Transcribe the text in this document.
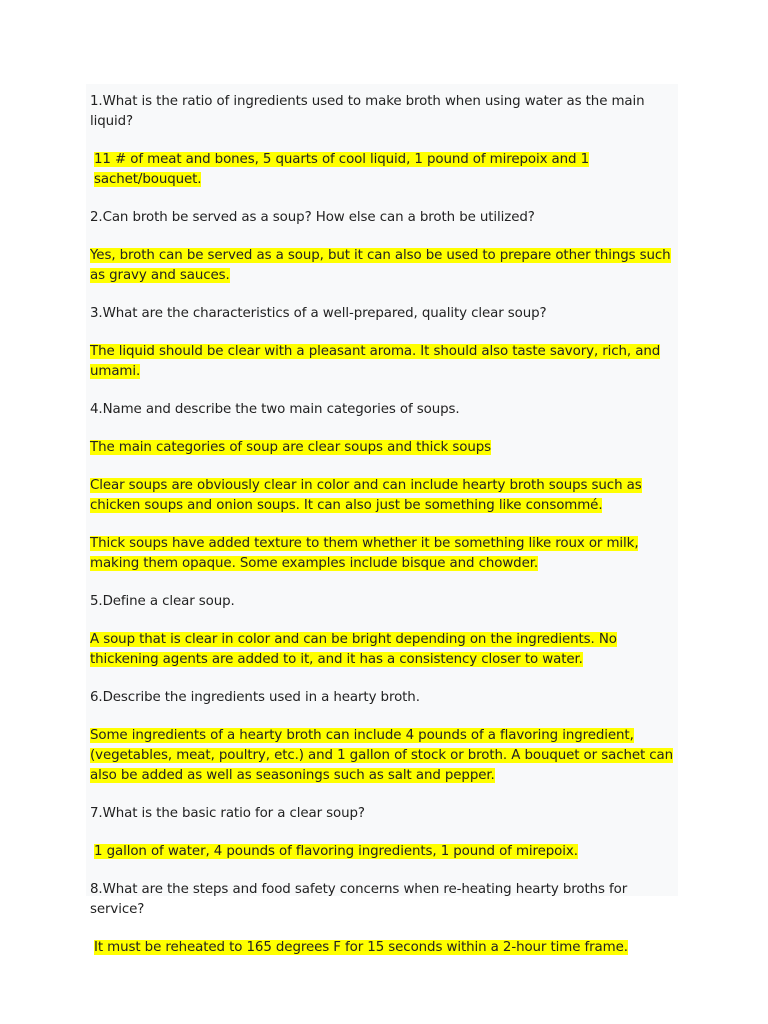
1.What is the ratio of ingredients used to make broth when using water as the main liquid?

11 # of meat and bones, 5 quarts of cool liquid, 1 pound of mirepoix and 1 sachet/bouquet.

2.Can broth be served as a soup? How else can a broth be utilized?

Yes, broth can be served as a soup, but it can also be used to prepare other things such as gravy and sauces.

3.What are the characteristics of a well-prepared, quality clear soup?

The liquid should be clear with a pleasant aroma. It should also taste savory, rich, and umami.

4.Name and describe the two main categories of soups.

The main categories of soup are clear soups and thick soups

Clear soups are obviously clear in color and can include hearty broth soups such as chicken soups and onion soups. It can also just be something like consommé.

Thick soups have added texture to them whether it be something like roux or milk, making them opaque. Some examples include bisque and chowder.

5.Define a clear soup.

A soup that is clear in color and can be bright depending on the ingredients. No thickening agents are added to it, and it has a consistency closer to water.

6.Describe the ingredients used in a hearty broth.

Some ingredients of a hearty broth can include 4 pounds of a flavoring ingredient, (vegetables, meat, poultry, etc.) and 1 gallon of stock or broth. A bouquet or sachet can also be added as well as seasonings such as salt and pepper.

7.What is the basic ratio for a clear soup?

1 gallon of water, 4 pounds of flavoring ingredients, 1 pound of mirepoix.

8.What are the steps and food safety concerns when re-heating hearty broths for service?

It must be reheated to 165 degrees F for 15 seconds within a 2-hour time frame.
